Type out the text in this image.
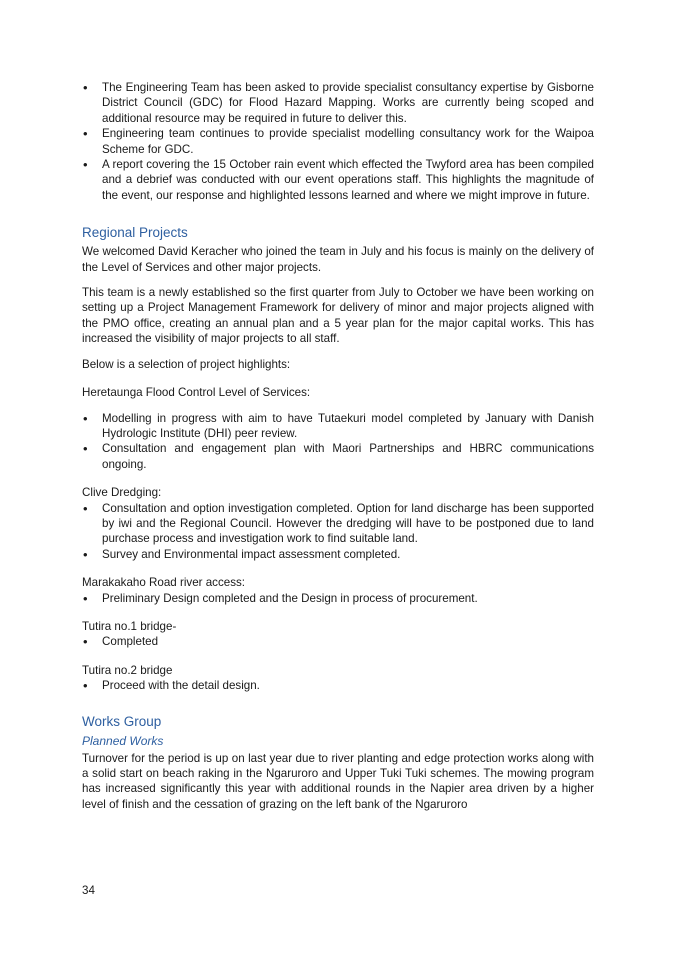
• The Engineering Team has been asked to provide specialist consultancy expertise by Gisborne District Council (GDC) for Flood Hazard Mapping. Works are currently being scoped and additional resource may be required in future to deliver this.
• Engineering team continues to provide specialist modelling consultancy work for the Waipoa Scheme for GDC.
• A report covering the 15 October rain event which effected the Twyford area has been compiled and a debrief was conducted with our event operations staff. This highlights the magnitude of the event, our response and highlighted lessons learned and where we might improve in future.
Regional Projects

We welcomed David Keracher who joined the team in July and his focus is mainly on the delivery of the Level of Services and other major projects.

This team is a newly established so the first quarter from July to October we have been working on setting up a Project Management Framework for delivery of minor and major projects aligned with the PMO office, creating an annual plan and a 5 year plan for the major capital works. This has increased the visibility of major projects to all staff.

Below is a selection of project highlights:

Heretaunga Flood Control Level of Services:

• Modelling in progress with aim to have Tutaekuri model completed by January with Danish Hydrologic Institute (DHI) peer review.
• Consultation and engagement plan with Maori Partnerships and HBRC communications ongoing.

Clive Dredging:

• Consultation and option investigation completed. Option for land discharge has been supported by iwi and the Regional Council. However the dredging will have to be postponed due to land purchase process and investigation work to find suitable land.
• Survey and Environmental impact assessment completed.

Marakakaho Road river access:

• Preliminary Design completed and the Design in process of procurement.

Tutira no.1 bridge-

• Completed

Tutira no.2 bridge

• Proceed with the detail design.
Works Group
Planned Works

Turnover for the period is up on last year due to river planting and edge protection works along with a solid start on beach raking in the Ngaruroro and Upper Tuki Tuki schemes. The mowing program has increased significantly this year with additional rounds in the Napier area driven by a higher level of finish and the cessation of grazing on the left bank of the Ngaruroro

34
